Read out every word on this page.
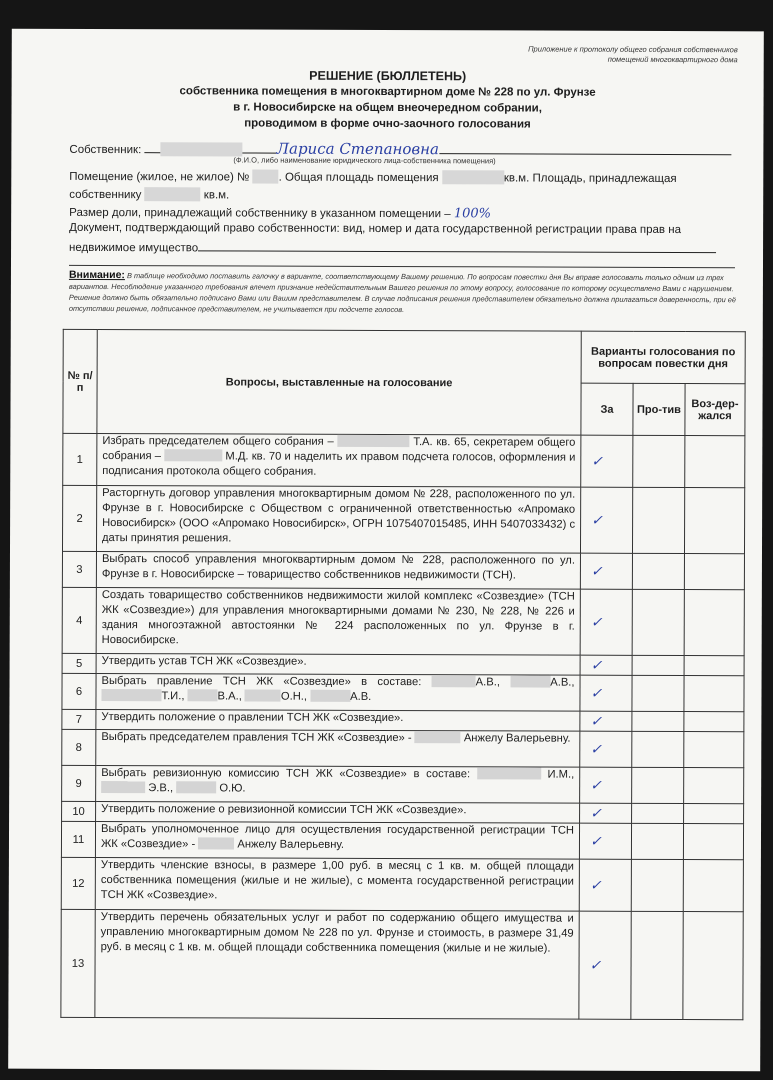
Приложение к протоколу общего собрания собственников помещений многоквартирного дома
РЕШЕНИЕ (БЮЛЛЕТЕНЬ)
собственника помещения в многоквартирном доме № 228 по ул. Фрунзе
в г. Новосибирске на общем внеочередном собрании,
проводимом в форме очно-заочного голосования
Собственник:	Лариса Степановна
(Ф.И.О, либо наименование юридического лица-собственника помещения)
Помещение (жилое, не жилое) №	. Общая площадь помещения	кв.м. Площадь, принадлежащая
собственнику	кв.м.
Размер доли, принадлежащий собственнику в указанном помещении – 100%
Документ, подтверждающий право собственности: вид, номер и дата государственной регистрации права прав на
недвижимое имущество
Внимание: В таблице необходимо поставить галочку в варианте, соответствующему Вашему решению. По вопросам повестки дня Вы вправе голосовать только одним из трех вариантов. Несоблюдение указанного требования влечет признание недействительным Вашего решения по этому вопросу, голосование по которому осуществлено Вами с нарушением.
Решение должно быть обязательно подписано Вами или Вашим представителем. В случае подписания решения представителем обязательно должна прилагаться доверенность, при её отсутствии решение, подписанное представителем, не учитывается при подсчете голосов.
№ п/п	Вопросы, выставленные на голосование	Варианты голосования по вопросам повестки дня		
		За	Про-тив	Воз-дер-жался
1	Избрать председателем общего собрания – Т.А. кв. 65, секретарем общего собрания – М.Д. кв. 70 и наделить их правом подсчета голосов, оформления и подписания протокола общего собрания.	✓		
2	Расторгнуть договор управления многоквартирным домом № 228, расположенного по ул. Фрунзе в г. Новосибирске с Обществом с ограниченной ответственностью «Апромако Новосибирск» (ООО «Апромако Новосибирск», ОГРН 1075407015485, ИНН 5407033432) с даты принятия решения.	✓		
3	Выбрать способ управления многоквартирным домом № 228, расположенного по ул. Фрунзе в г. Новосибирске – товарищество собственников недвижимости (ТСН).	✓		
4	Создать товарищество собственников недвижимости жилой комплекс «Созвездие» (ТСН ЖК «Созвездие») для управления многоквартирными домами № 230, № 228, № 226 и здания многоэтажной автостоянки № 224 расположенных по ул. Фрунзе в г. Новосибирске.	✓		
5	Утвердить устав ТСН ЖК «Созвездие».	✓		
6	Выбрать правление ТСН ЖК «Созвездие» в составе: А.В., А.В., Т.И., В.А., О.Н., А.В.	✓		
7	Утвердить положение о правлении ТСН ЖК «Созвездие».	✓		
8	Выбрать председателем правления ТСН ЖК «Созвездие» - Анжелу Валерьевну.	✓		
9	Выбрать ревизионную комиссию ТСН ЖК «Созвездие» в составе: И.М.,  Э.В., О.Ю.	✓		
10	Утвердить положение о ревизионной комиссии ТСН ЖК «Созвездие».	✓		
11	Выбрать уполномоченное лицо для осуществления государственной регистрации ТСН ЖК «Созвездие» - Анжелу Валерьевну.	✓		
12	Утвердить членские взносы, в размере 1,00 руб. в месяц с 1 кв. м. общей площади собственника помещения (жилые и не жилые), с момента государственной регистрации ТСН ЖК «Созвездие».	✓		
13	Утвердить перечень обязательных услуг и работ по содержанию общего имущества и управлению многоквартирным домом № 228 по ул. Фрунзе и стоимость, в размере 31,49 руб. в месяц с 1 кв. м. общей площади собственника помещения (жилые и не жилые).	✓		
